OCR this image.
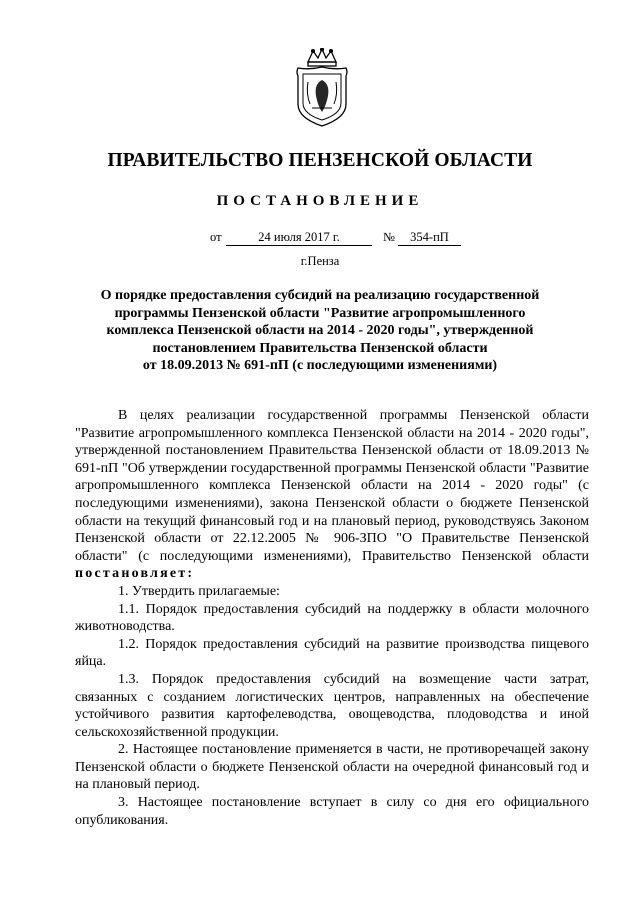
ПРАВИТЕЛЬСТВО ПЕНЗЕНСКОЙ ОБЛАСТИ
ПОСТАНОВЛЕНИЕ
от	24 июля 2017 г.	№	354-пП
г.Пенза
О порядке предоставления субсидий на реализацию государственной
программы Пензенской области "Развитие агропромышленного
комплекса Пензенской области на 2014 - 2020 годы", утвержденной
постановлением Правительства Пензенской области
от 18.09.2013 № 691-пП (с последующими изменениями)

В целях реализации государственной программы Пензенской области "Развитие агропромышленного комплекса Пензенской области на 2014 - 2020 годы", утвержденной постановлением Правительства Пензенской области от 18.09.2013 № 691-пП "Об утверждении государственной программы Пензенской области "Развитие агропромышленного комплекса Пензенской области на 2014 - 2020 годы" (с последующими изменениями), закона Пензенской области о бюджете Пензенской области на текущий финансовый год и на плановый период, руководствуясь Законом Пензенской области от 22.12.2005 № 906-ЗПО "О Правительстве Пензенской области" (с последующими изменениями), Правительство Пензенской области постановляет:

1. Утвердить прилагаемые:

1.1. Порядок предоставления субсидий на поддержку в области молочного животноводства.

1.2. Порядок предоставления субсидий на развитие производства пищевого яйца.

1.3. Порядок предоставления субсидий на возмещение части затрат, связанных с созданием логистических центров, направленных на обеспечение устойчивого развития картофелеводства, овощеводства, плодоводства и иной сельскохозяйственной продукции.

2. Настоящее постановление применяется в части, не противоречащей закону Пензенской области о бюджете Пензенской области на очередной финансовый год и на плановый период.

3. Настоящее постановление вступает в силу со дня его официального опубликования.
